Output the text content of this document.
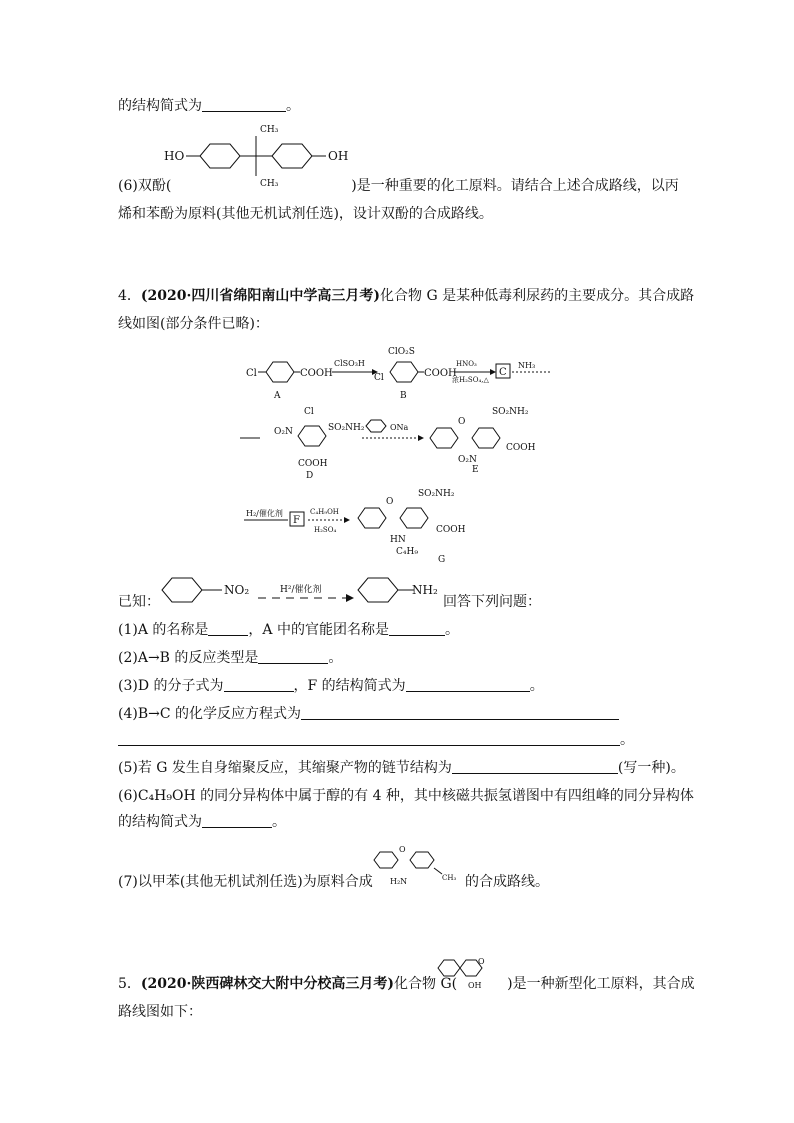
的结构简式为	。
HO
CH₃
CH₃
OH
(6)双酚(	)是一种重要的化工原料。请结合上述合成路线，以丙
烯和苯酚为原料(其他无机试剂任选)，设计双酚的合成路线。
4．(2020·四川省绵阳南山中学高三月考)化合物 G 是某种低毒利尿药的主要成分。其合成路
线如图(部分条件已略)：
Cl	COOH
A
ClSO₃H
ClO₂S
Cl	COOH
B
HNO₃
浓H₂SO₄,△
C
NH₃
O₂N
Cl
SO₂NH₂
COOH
D
ONa
O
SO₂NH₂
O₂N
COOH
E
H₂/催化剂
F
C₄H₉OH
H₂SO₄
O
SO₂NH₂
HN
C₄H₉
COOH
G
已知：
NO₂	H²/催化剂	NH₂
回答下列问题：
(1)A 的名称是	，A 中的官能团名称是	。
(2)A→B 的反应类型是	。
(3)D 的分子式为	，F 的结构简式为	。
(4)B→C 的化学反应方程式为
。
(5)若 G 发生自身缩聚反应，其缩聚产物的链节结构为	(写一种)。
(6)C₄H₉OH 的同分异构体中属于醇的有 4 种，其中核磁共振氢谱图中有四组峰的同分异构体
的结构简式为	。
(7)以甲苯(其他无机试剂任选)为原料合成
O
H₂N	CH₃ 的合成路线。
5．(2020·陕西碑林交大附中分校高三月考)化合物 G(	)是一种新型化工原料，其合成
O
OH
路线图如下：
